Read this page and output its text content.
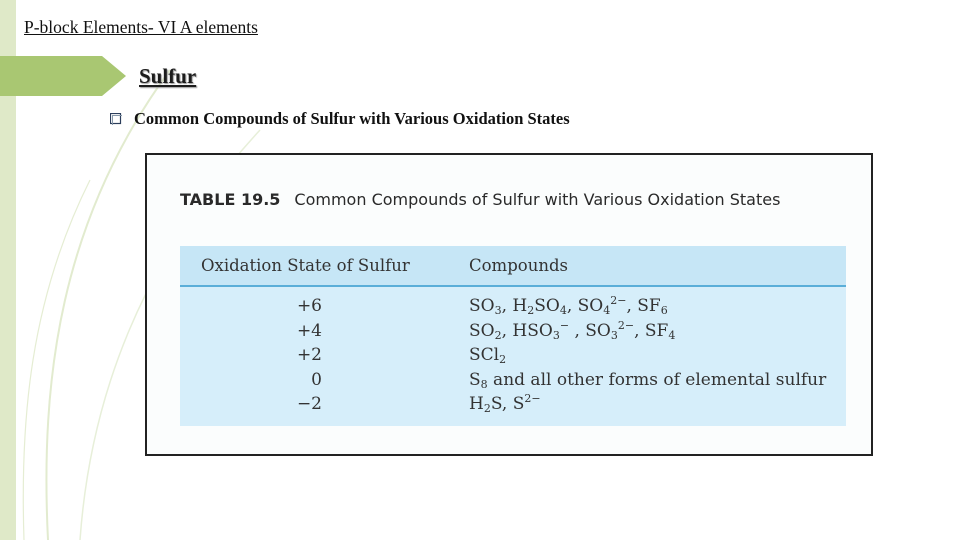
P-block Elements- VI A elements
Sulfur
Common Compounds of Sulfur with Various Oxidation States
TABLE 19.5 Common Compounds of Sulfur with Various Oxidation States
Oxidation State of Sulfur	Compounds
+6	$SO_3$, $H_2SO_4$, $SO_4^{2-}$, $SF_6$
+4	$SO_2$, $HSO_3^-$ , $SO_3^{2-}$, $SF_4$
+2	SCl$_2$
0	$S_8$ and all other forms of elemental sulfur
−2	$H_2S$, $S^{2-}$
